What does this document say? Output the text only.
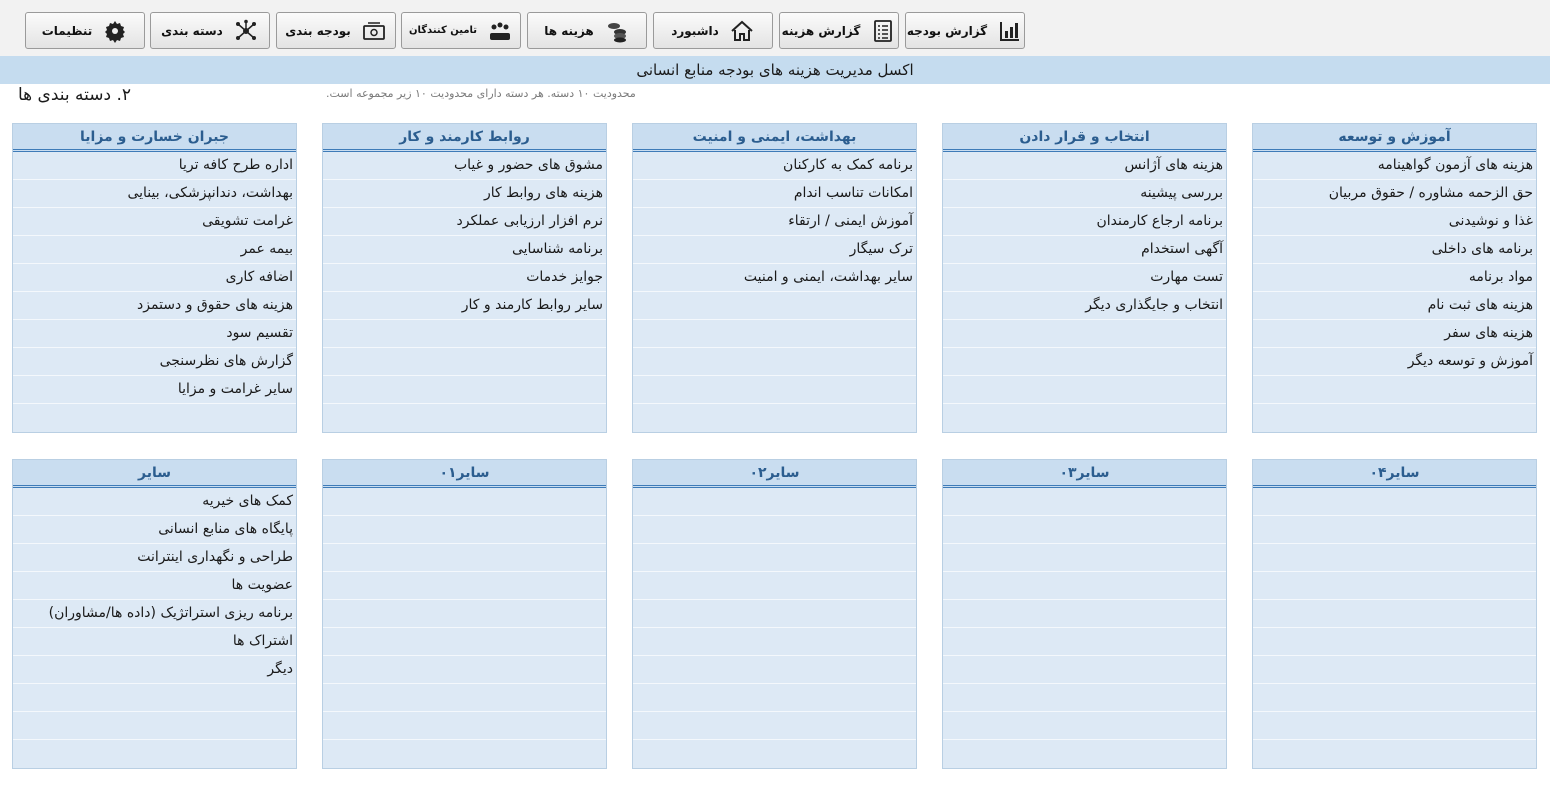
گزارش بودجه
گزارش هزینه
داشبورد
هزینه ها
تامین کنندگان
بودجه بندی
دسته بندی
تنظیمات
اکسل مدیریت هزینه های بودجه منابع انسانی
۲. دسته بندی ها	محدودیت ۱۰ دسته. هر دسته دارای محدودیت ۱۰ زیر مجموعه است.
آموزش و توسعه
هزینه های آزمون گواهینامه
حق الزحمه مشاوره / حقوق مربیان
غذا و نوشیدنی
برنامه های داخلی
مواد برنامه
هزینه های ثبت نام
هزینه های سفر
آموزش و توسعه دیگر
انتخاب و قرار دادن
هزینه های آژانس
بررسی پیشینه
برنامه ارجاع کارمندان
آگهی استخدام
تست مهارت
انتخاب و جایگذاری دیگر
بهداشت، ایمنی و امنیت
برنامه کمک به کارکنان
امکانات تناسب اندام
آموزش ایمنی / ارتقاء
ترک سیگار
سایر بهداشت، ایمنی و امنیت
روابط کارمند و کار
مشوق های حضور و غیاب
هزینه های روابط کار
نرم افزار ارزیابی عملکرد
برنامه شناسایی
جوایز خدمات
سایر روابط کارمند و کار
جبران خسارت و مزایا
اداره طرح کافه تریا
بهداشت، دندانپزشکی، بینایی
غرامت تشویقی
بیمه عمر
اضافه کاری
هزینه های حقوق و دستمزد
تقسیم سود
گزارش های نظرسنجی
سایر غرامت و مزایا
سایر۰۴
سایر۰۳
سایر۰۲
سایر۰۱
سایر
کمک های خیریه
پایگاه های منابع انسانی
طراحی و نگهداری اینترانت
عضویت ها
برنامه ریزی استراتژیک (داده ها/مشاوران)
اشتراک ها
دیگر
